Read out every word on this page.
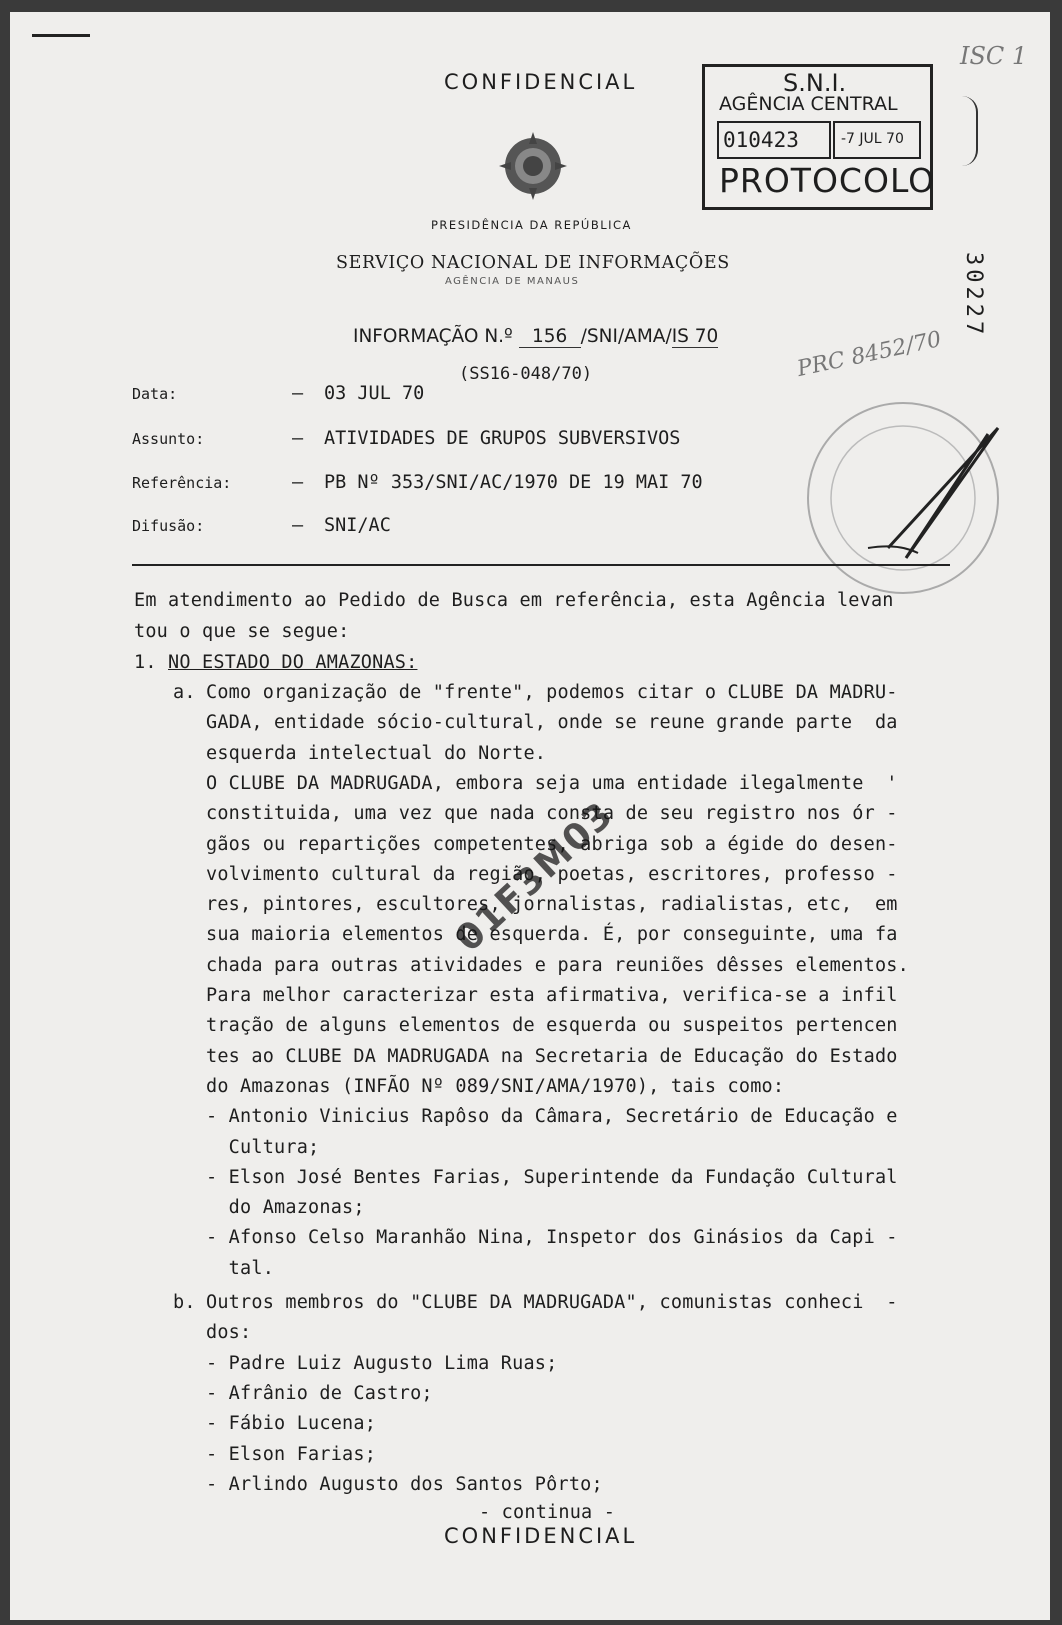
CONFIDENCIAL	S.N.I.
AGÊNCIA CENTRAL
010423	-7 JUL 70
PROTOCOLO
ISC 1
30227
PRESIDÊNCIA DA REPÚBLICA
SERVIÇO NACIONAL DE INFORMAÇÕES
AGÊNCIA DE MANAUS
INFORMAÇÃO N.º 156 /SNI/AMA/IS 70
(SS16-048/70)	PRC 8452/70
Data:	— 03 JUL 70
Assunto:	— ATIVIDADES DE GRUPOS SUBVERSIVOS
Referência:	— PB Nº 353/SNI/AC/1970 DE 19 MAI 70
Difusão:	— SNI/AC
Em atendimento ao Pedido de Busca em referência, esta Agência levan
tou o que se segue:
1. NO ESTADO DO AMAZONAS:
a. Como organização de "frente", podemos citar o CLUBE DA MADRU-
GADA, entidade sócio-cultural, onde se reune grande parte  da
esquerda intelectual do Norte.
O CLUBE DA MADRUGADA, embora seja uma entidade ilegalmente  '
constituida, uma vez que nada consta de seu registro nos ór -
gãos ou repartições competentes, abriga sob a égide do desen-
volvimento cultural da região, poetas, escritores, professo -
res, pintores, escultores, jornalistas, radialistas, etc,  em
sua maioria elementos de esquerda. É, por conseguinte, uma fa
chada para outras atividades e para reuniões dêsses elementos.
Para melhor caracterizar esta afirmativa, verifica-se a infil
tração de alguns elementos de esquerda ou suspeitos pertencen
tes ao CLUBE DA MADRUGADA na Secretaria de Educação do Estado
do Amazonas (INFÃO Nº 089/SNI/AMA/1970), tais como:
- Antonio Vinicius Rapôso da Câmara, Secretário de Educação e
Cultura;
- Elson José Bentes Farias, Superintende da Fundação Cultural
do Amazonas;
- Afonso Celso Maranhão Nina, Inspetor dos Ginásios da Capi -
tal.
b. Outros membros do "CLUBE DA MADRUGADA", comunistas conheci  -
dos:
- Padre Luiz Augusto Lima Ruas;
- Afrânio de Castro;
- Fábio Lucena;
- Elson Farias;
- Arlindo Augusto dos Santos Pôrto;
01F3M03
- continua -
CONFIDENCIAL
